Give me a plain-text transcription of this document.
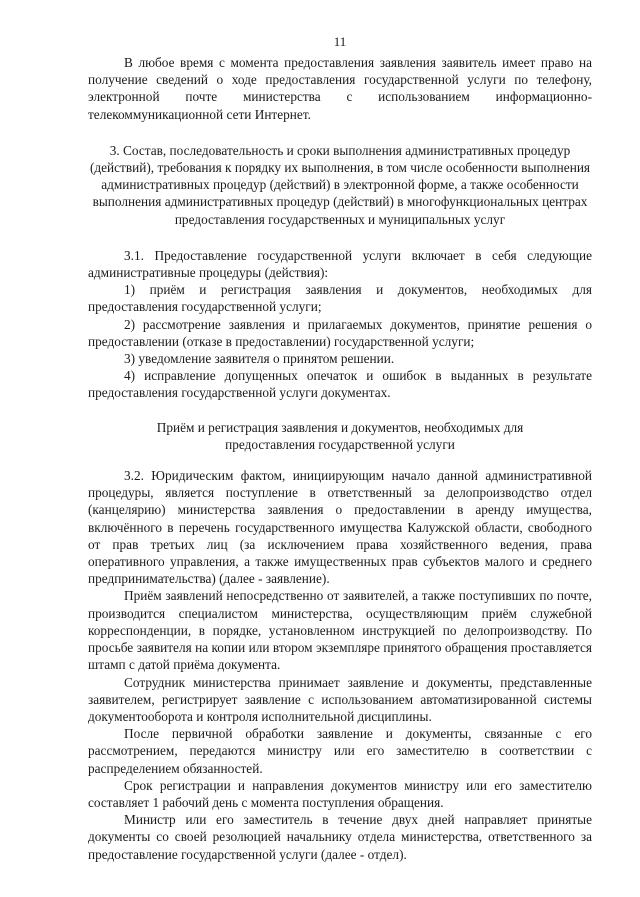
11

В любое время с момента предоставления заявления заявитель имеет право на получение сведений о ходе предоставления государственной услуги по телефону, электронной почте министерства с использованием информационно-телекоммуникационной сети Интернет.

3. Состав, последовательность и сроки выполнения административных процедур (действий), требования к порядку их выполнения, в том числе особенности выполнения административных процедур (действий) в электронной форме, а также особенности выполнения административных процедур (действий) в многофункциональных центрах предоставления государственных и муниципальных услуг

3.1. Предоставление государственной услуги включает в себя следующие административные процедуры (действия):

1) приём и регистрация заявления и документов, необходимых для предоставления государственной услуги;

2) рассмотрение заявления и прилагаемых документов, принятие решения о предоставлении (отказе в предоставлении) государственной услуги;

3) уведомление заявителя о принятом решении.

4) исправление допущенных опечаток и ошибок в выданных в результате предоставления государственной услуги документах.

Приём и регистрация заявления и документов, необходимых для предоставления государственной услуги

3.2. Юридическим фактом, инициирующим начало данной административной процедуры, является поступление в ответственный за делопроизводство отдел (канцелярию) министерства заявления о предоставлении в аренду имущества, включённого в перечень государственного имущества Калужской области, свободного от прав третьих лиц (за исключением права хозяйственного ведения, права оперативного управления, а также имущественных прав субъектов малого и среднего предпринимательства) (далее - заявление).

Приём заявлений непосредственно от заявителей, а также поступивших по почте, производится специалистом министерства, осуществляющим приём служебной корреспонденции, в порядке, установленном инструкцией по делопроизводству. По просьбе заявителя на копии или втором экземпляре принятого обращения проставляется штамп с датой приёма документа.

Сотрудник министерства принимает заявление и документы, представленные заявителем, регистрирует заявление с использованием автоматизированной системы документооборота и контроля исполнительной дисциплины.

После первичной обработки заявление и документы, связанные с его рассмотрением, передаются министру или его заместителю в соответствии с распределением обязанностей.

Срок регистрации и направления документов министру или его заместителю составляет 1 рабочий день с момента поступления обращения.

Министр или его заместитель в течение двух дней направляет принятые документы со своей резолюцией начальнику отдела министерства, ответственного за предоставление государственной услуги (далее - отдел).
